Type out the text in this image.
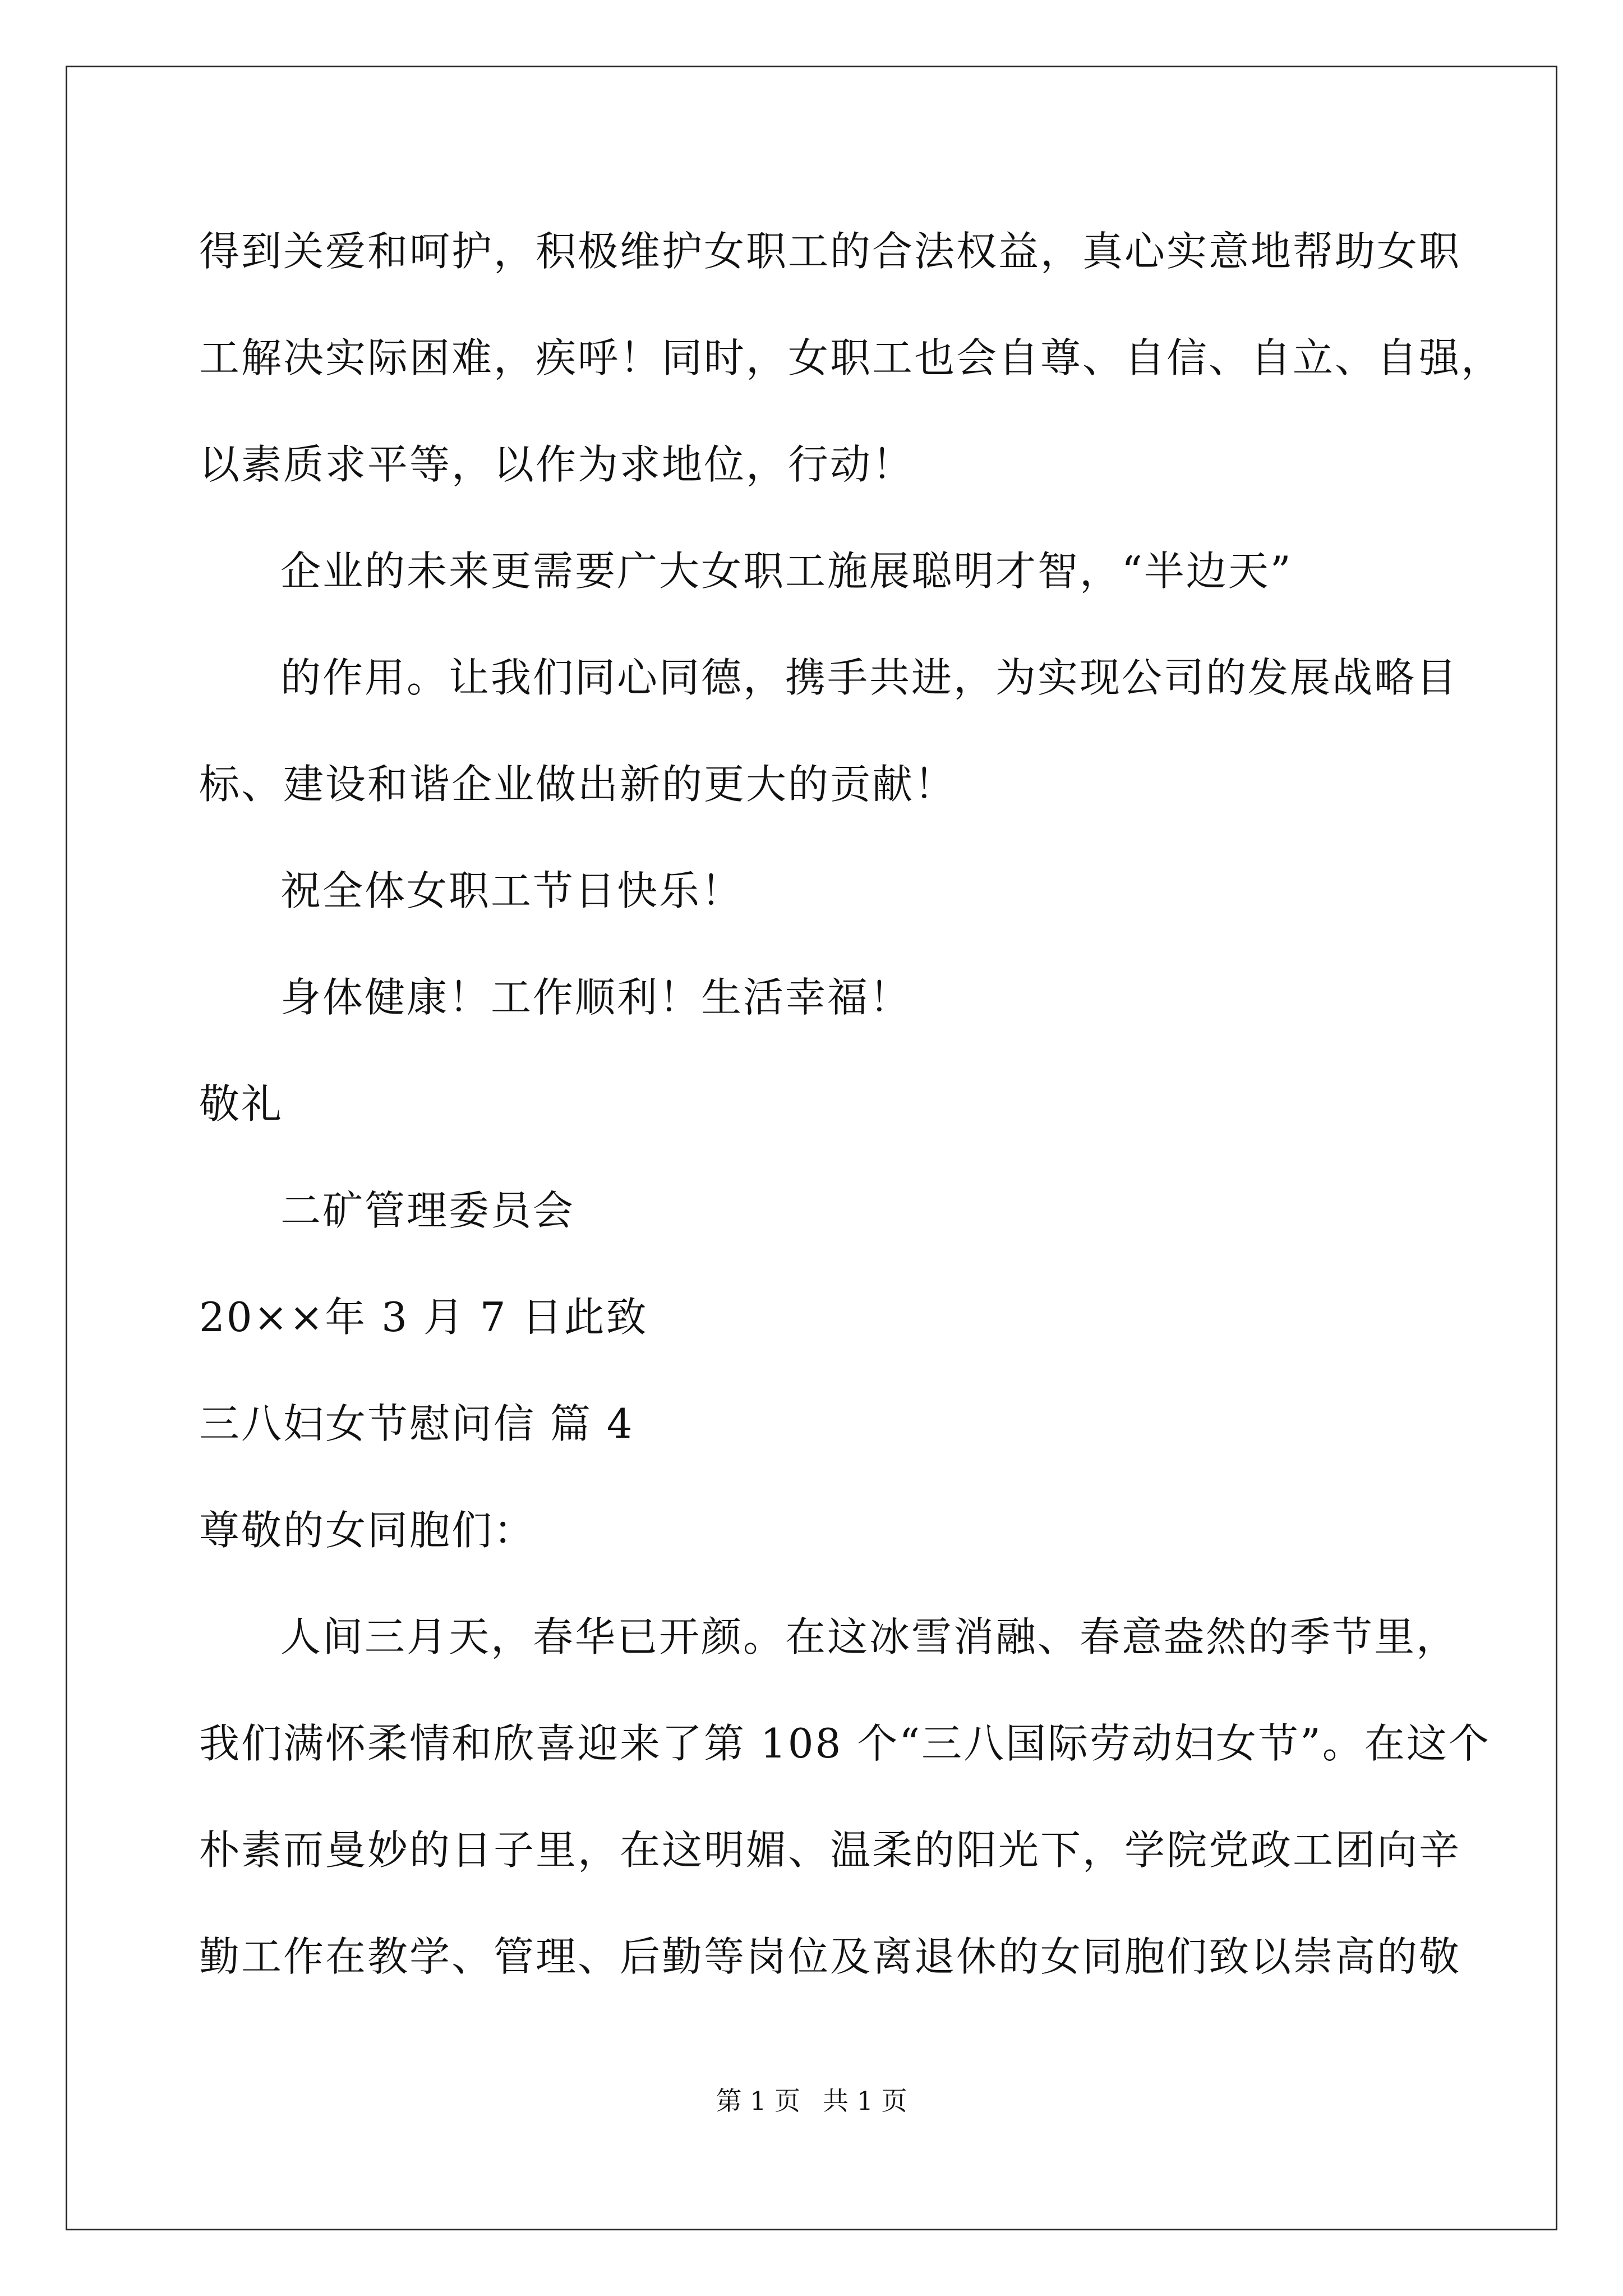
得到关爱和呵护，积极维护女职工的合法权益，真心实意地帮助女职
工解决实际困难，疾呼！同时，女职工也会自尊、自信、自立、自强，
以素质求平等，以作为求地位，行动！
企业的未来更需要广大女职工施展聪明才智，“半边天”
的作用。让我们同心同德，携手共进，为实现公司的发展战略目
标、建设和谐企业做出新的更大的贡献！
祝全体女职工节日快乐！
身体健康！工作顺利！生活幸福！
敬礼
二矿管理委员会
20××年 3 月 7 日此致
三八妇女节慰问信 篇 4
尊敬的女同胞们：
人间三月天，春华已开颜。在这冰雪消融、春意盎然的季节里，
我们满怀柔情和欣喜迎来了第 108 个“三八国际劳动妇女节”。在这个
朴素而曼妙的日子里，在这明媚、温柔的阳光下，学院党政工团向辛
勤工作在教学、管理、后勤等岗位及离退休的女同胞们致以崇高的敬
第 1 页 共 1 页
